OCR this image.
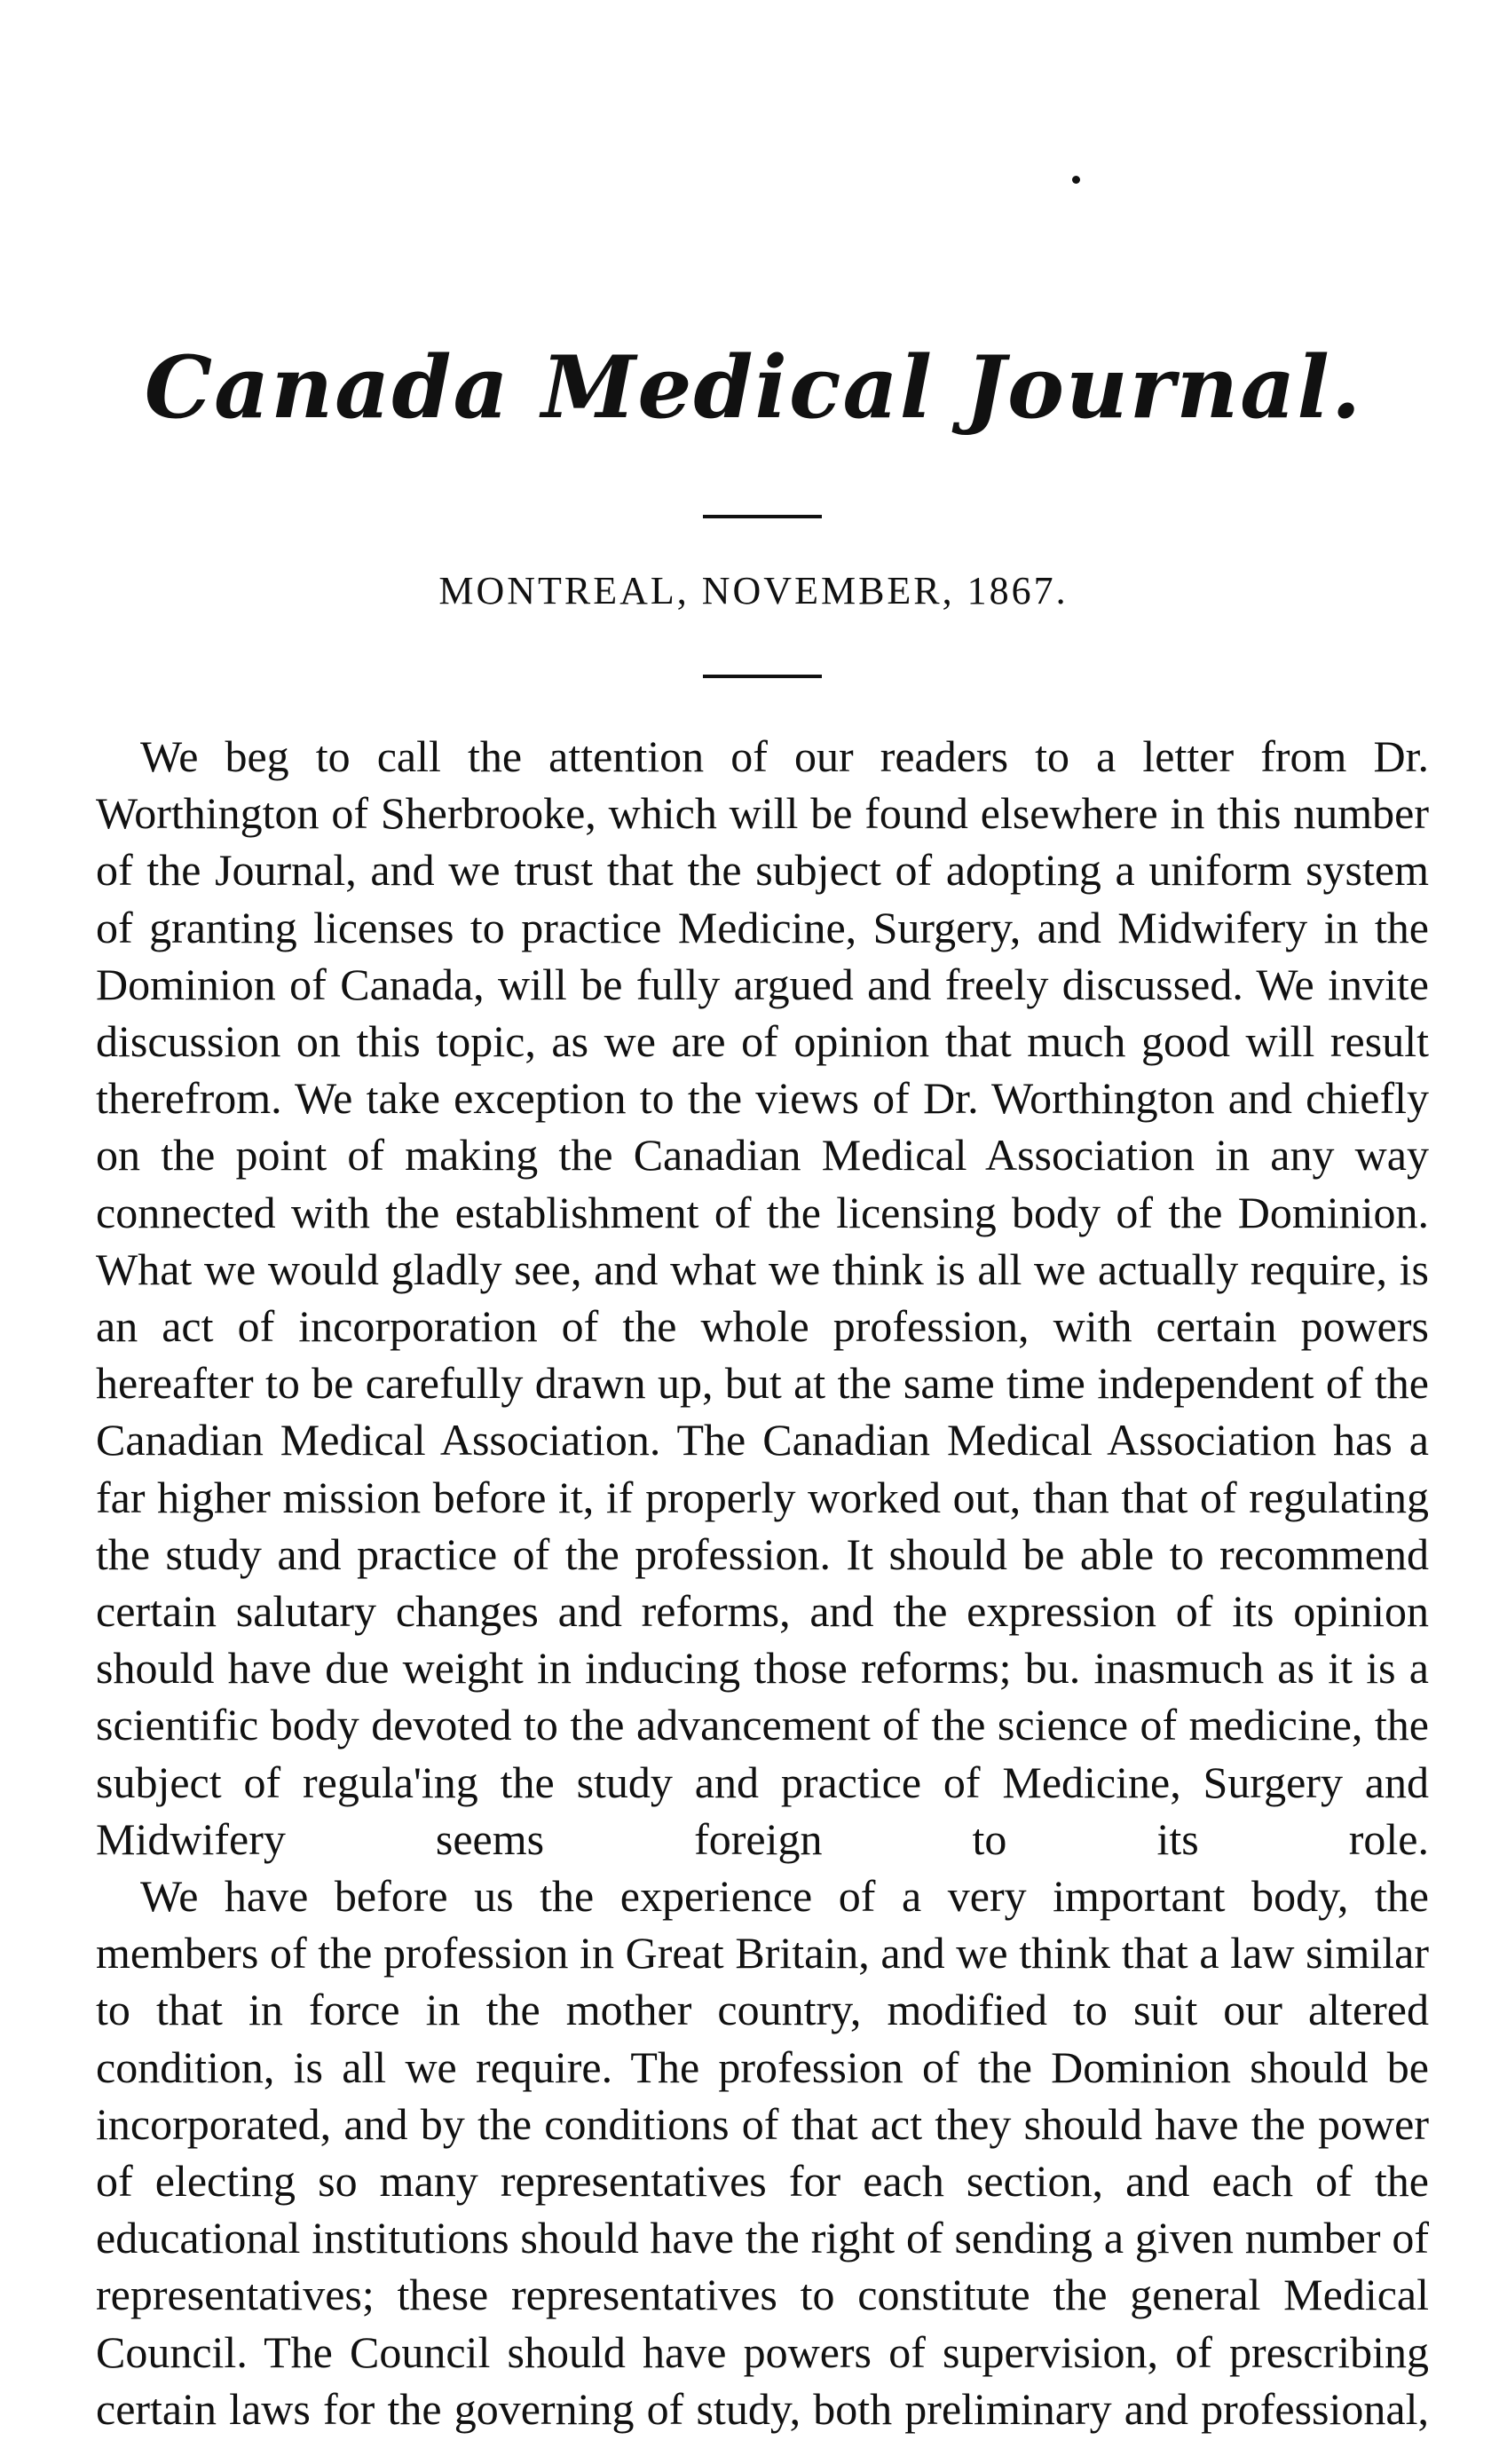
Canada Medical Journal.
MONTREAL, NOVEMBER, 1867.

We beg to call the attention of our readers to a letter from Dr. Worthington of Sherbrooke, which will be found elsewhere in this number of the Journal, and we trust that the subject of adopting a uniform system of granting licenses to practice Medicine, Surgery, and Midwifery in the Dominion of Canada, will be fully argued and freely discussed. We invite discussion on this topic, as we are of opinion that much good will result therefrom. We take exception to the views of Dr. Worthington and chiefly on the point of making the Canadian Medical Association in any way connected with the establishment of the licensing body of the Dominion. What we would gladly see, and what we think is all we actually require, is an act of incorporation of the whole profession, with certain powers hereafter to be carefully drawn up, but at the same time independent of the Canadian Medical Association. The Canadian Medical Association has a far higher mission before it, if properly worked out, than that of regulating the study and practice of the profession. It should be able to recommend certain salutary changes and reforms, and the expression of its opinion should have due weight in inducing those reforms; bu. inasmuch as it is a scientific body devoted to the advancement of the science of medicine, the subject of regula'ing the study and practice of Medicine, Surgery and Midwifery seems foreign to its role.

We have before us the experience of a very important body, the members of the profession in Great Britain, and we think that a law similar to that in force in the mother country, modified to suit our altered condition, is all we require. The profession of the Dominion should be incorporated, and by the conditions of that act they should have the power of electing so many representatives for each section, and each of the educational institutions should have the right of sending a given number of representatives; these representatives to constitute the general Medical Council. The Council should have powers of supervision, of prescribing certain laws for the governing of study, both preliminary and professional,
